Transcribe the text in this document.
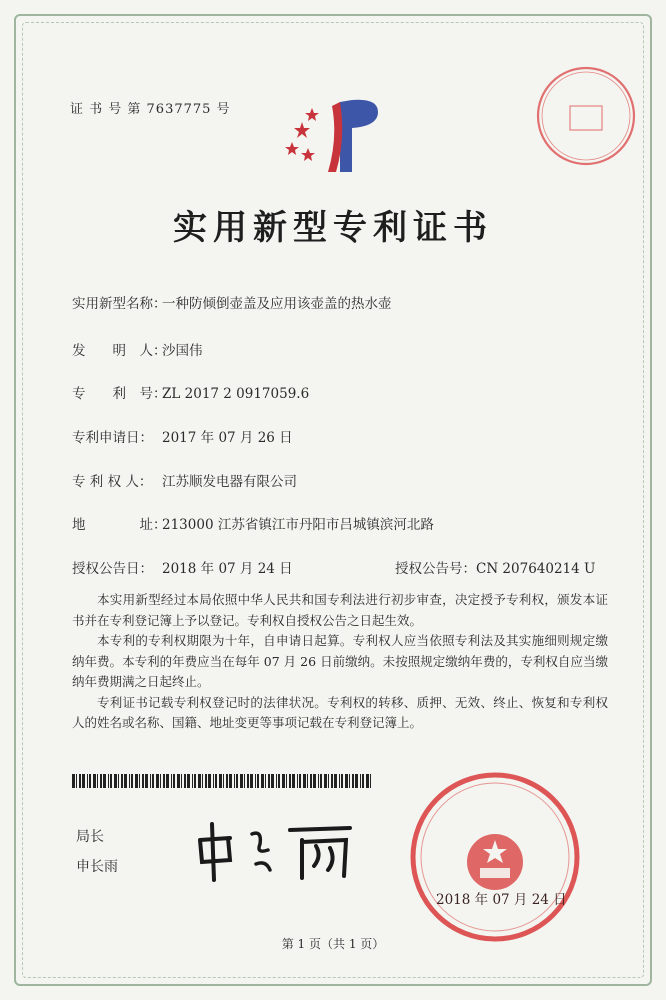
证 书 号 第 7637775 号
实用新型专利证书
实用新型名称：一种防倾倒壶盖及应用该壶盖的热水壶
发　　明　人：沙国伟
专　　利　号：ZL 2017 2 0917059.6
专利申请日： 2017 年 07 月 26 日
专 利 权 人： 江苏顺发电器有限公司
地　　　　址：213000 江苏省镇江市丹阳市吕城镇滨河北路
授权公告日： 2018 年 07 月 24 日	授权公告号：CN 207640214 U

本实用新型经过本局依照中华人民共和国专利法进行初步审查，决定授予专利权，颁发本证书并在专利登记簿上予以登记。专利权自授权公告之日起生效。

本专利的专利权期限为十年，自申请日起算。专利权人应当依照专利法及其实施细则规定缴纳年费。本专利的年费应当在每年 07 月 26 日前缴纳。未按照规定缴纳年费的，专利权自应当缴纳年费期满之日起终止。

专利证书记载专利权登记时的法律状况。专利权的转移、质押、无效、终止、恢复和专利权人的姓名或名称、国籍、地址变更等事项记载在专利登记簿上。

局长
申长雨
2018 年 07 月 24 日
第 1 页（共 1 页）
